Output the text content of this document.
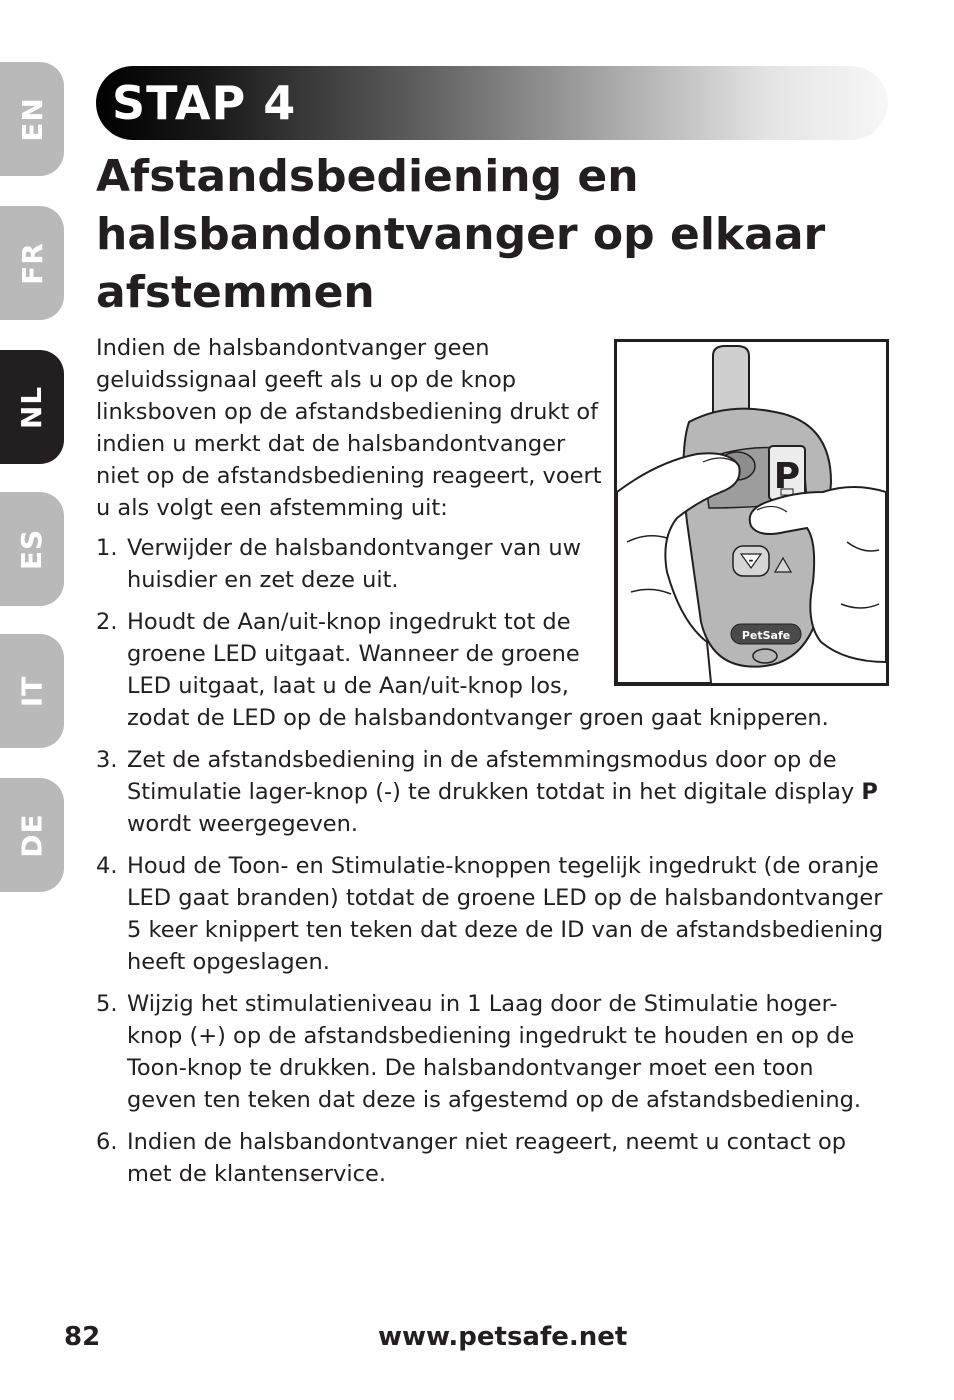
EN
FR
NL
ES
IT
DE
STAP 4
Afstandsbediening en halsbandontvanger op elkaar afstemmen
Indien de halsbandontvanger geen geluidssignaal geeft als u op de knop linksboven op de afstandsbediening drukt of indien u merkt dat de halsbandontvanger niet op de afstandsbediening reageert, voert u als volgt een afstemming uit:
1. Verwijder de halsbandontvanger van uw huisdier en zet deze uit.
2. Houdt de Aan/uit-knop ingedrukt tot de groene LED uitgaat. Wanneer de groene LED uitgaat, laat u de Aan/uit-knop los,
zodat de LED op de halsbandontvanger groen gaat knipperen.
3. Zet de afstandsbediening in de afstemmingsmodus door op de Stimulatie lager-knop (-) te drukken totdat in het digitale display P wordt weergegeven.
4. Houd de Toon- en Stimulatie-knoppen tegelijk ingedrukt (de oranje LED gaat branden) totdat de groene LED op de halsbandontvanger 5 keer knippert ten teken dat deze de ID van de afstandsbediening heeft opgeslagen.
5. Wijzig het stimulatieniveau in 1 Laag door de Stimulatie hoger-knop (+) op de afstandsbediening ingedrukt te houden en op de Toon-knop te drukken. De halsbandontvanger moet een toon geven ten teken dat deze is afgestemd op de afstandsbediening.
6. Indien de halsbandontvanger niet reageert, neemt u contact op met de klantenservice.
P
-
PetSafe
82	www.petsafe.net
